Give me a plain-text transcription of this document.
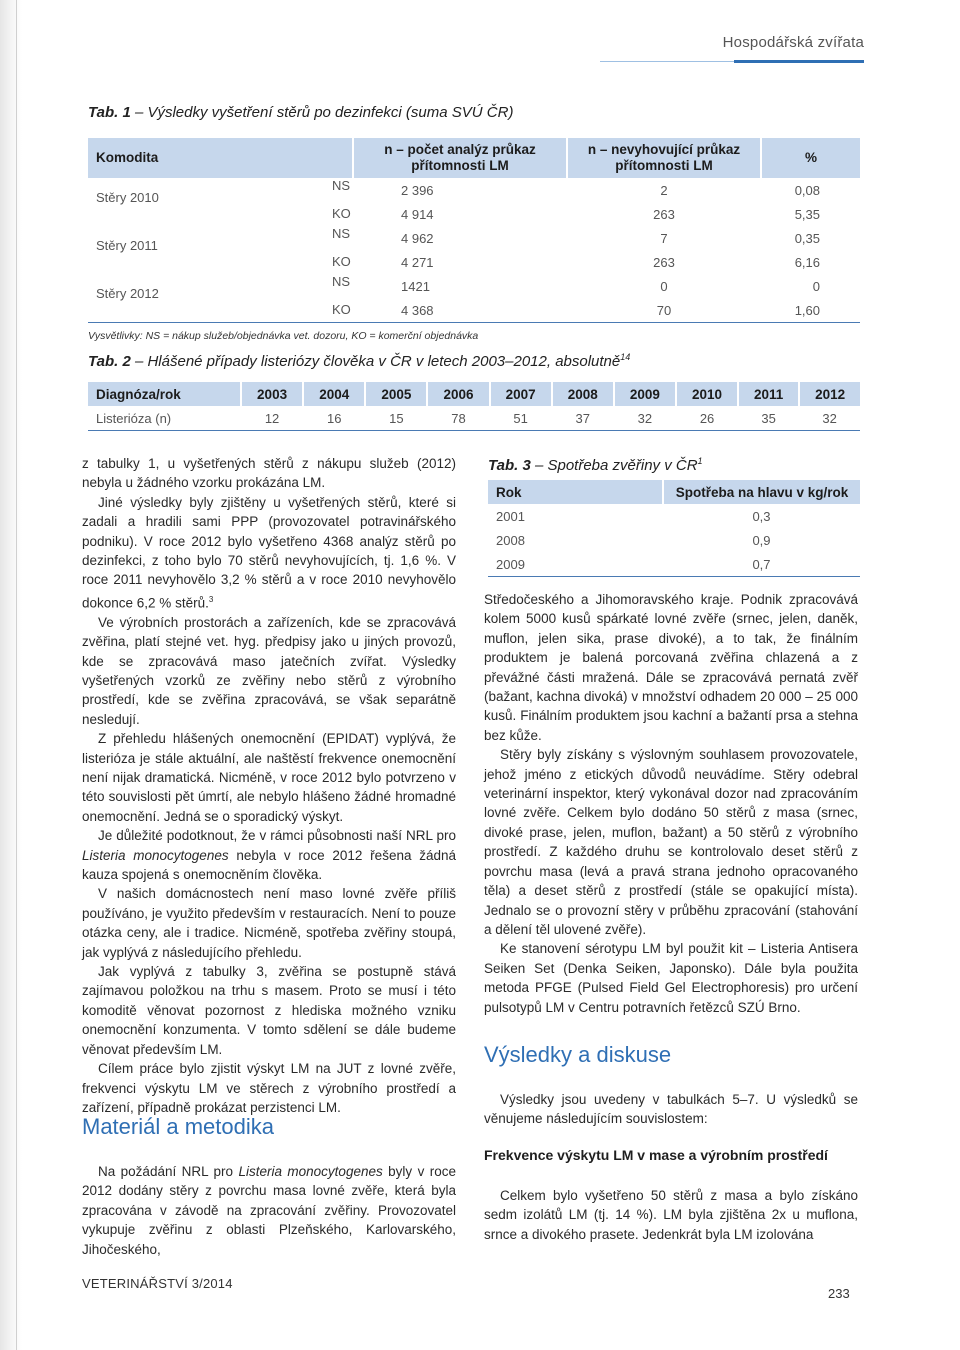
Hospodářská zvířata
Tab. 1 – Výsledky vyšetření stěrů po dezinfekci (suma SVÚ ČR)
Komodita	n – počet analýz průkaz přítomnosti LM	n – nevyhovující průkaz přítomnosti LM	%

Stěry 2010
NS	2 396	2	0,08

KO	4 914	263	5,35

Stěry 2011
NS	4 962	7	0,35

KO	4 271	263	6,16

Stěry 2012
NS	1421	0	0

KO	4 368	70	1,60
Vysvětlivky: NS = nákup služeb/objednávka vet. dozoru, KO = komerční objednávka
Tab. 2 – Hlášené případy listeriózy člověka v ČR v letech 2003–2012, absolutně$^{14}$
Diagnóza/rok	2003	2004	2005	2006	2007	2008	2009	2010	2011	2012
Listerióza (n)	12	16	15	78	51	37	32	26	35	32

z tabulky 1, u vyšetřených stěrů z nákupu služeb (2012) nebyla u žádného vzorku prokázána LM.

Jiné výsledky byly zjištěny u vyšetřených stěrů, které si zadali a hradili sami PPP (provozovatel potravinářského podniku). V roce 2012 bylo vyšetřeno 4368 analýz stěrů po dezinfekci, z toho bylo 70 stěrů nevyhovujících, tj. 1,6 %. V roce 2011 nevyhovělo 3,2 % stěrů a v roce 2010 nevyhovělo dokonce 6,2 % stěrů.$^3$

Ve výrobních prostorách a zařízeních, kde se zpracovává zvěřina, platí stejné vet. hyg. předpisy jako u jiných provozů, kde se zpracovává maso jatečních zvířat. Výsledky vyšetřených vzorků ze zvěřiny nebo stěrů z výrobního prostředí, kde se zvěřina zpracovává, se však separátně nesledují.

Z přehledu hlášených onemocnění (EPIDAT) vyplývá, že listerióza je stále aktuální, ale naštěstí frekvence onemocnění není nijak dramatická. Nicméně, v roce 2012 bylo potvrzeno v této souvislosti pět úmrtí, ale nebylo hlášeno žádné hromadné onemocnění. Jedná se o sporadický výskyt.

Je důležité podotknout, že v rámci působnosti naší NRL pro Listeria monocytogenes nebyla v roce 2012 řešena žádná kauza spojená s onemocněním člověka.

V našich domácnostech není maso lovné zvěře příliš používáno, je využito především v restauracích. Není to pouze otázka ceny, ale i tradice. Nicméně, spotřeba zvěřiny stoupá, jak vyplývá z následujícího přehledu.

Jak vyplývá z tabulky 3, zvěřina se postupně stává zajímavou položkou na trhu s masem. Proto se musí i této komoditě věnovat pozornost z hlediska možného vzniku onemocnění konzumenta. V tomto sdělení se dále budeme věnovat především LM.

Cílem práce bylo zjistit výskyt LM na JUT z lovné zvěře, frekvenci výskytu LM ve stěrech z výrobního prostředí a zařízení, případně prokázat perzistenci LM.

Materiál a metodika

Na požádání NRL pro Listeria monocytogenes byly v roce 2012 dodány stěry z povrchu masa lovné zvěře, která byla zpracována v závodě na zpracování zvěřiny. Provozovatel vykupuje zvěřinu z oblasti Plzeňského, Karlovarského, Jihočeského,

Tab. 3 – Spotřeba zvěřiny v $ČR^1$
Rok	Spotřeba na hlavu v kg/rok
2001	0,3
2008	0,9
2009	0,7

Středočeského a Jihomoravského kraje. Podnik zpracovává kolem 5000 kusů spárkaté lovné zvěře (srnec, jelen, daněk, muflon, jelen sika, prase divoké), a to tak, že finálním produktem je balená porcovaná zvěřina chlazená a z převážné části mražená. Dále se zpracovává pernatá zvěř (bažant, kachna divoká) v množství odhadem 20 000 – 25 000 kusů. Finálním produktem jsou kachní a bažantí prsa a stehna bez kůže.

Stěry byly získány s výslovným souhlasem provozovatele, jehož jméno z etických důvodů neuvádíme. Stěry odebral veterinární inspektor, který vykonával dozor nad zpracováním lovné zvěře. Celkem bylo dodáno 50 stěrů z masa (srnec, divoké prase, jelen, muflon, bažant) a 50 stěrů z výrobního prostředí. Z každého druhu se kontrolovalo deset stěrů z povrchu masa (levá a pravá strana jednoho opracovaného těla) a deset stěrů z prostředí (stále se opakující místa). Jednalo se o provozní stěry v průběhu zpracování (stahování a dělení těl ulovené zvěře).

Ke stanovení sérotypu LM byl použit kit – Listeria Antisera Seiken Set (Denka Seiken, Japonsko). Dále byla použita metoda PFGE (Pulsed Field Gel Electrophoresis) pro určení pulsotypů LM v Centru potravních řetězců SZÚ Brno.

Výsledky a diskuse

Výsledky jsou uvedeny v tabulkách 5–7. U výsledků se věnujeme následujícím souvislostem:

Frekvence výskytu LM v mase a výrobním prostředí

Celkem bylo vyšetřeno 50 stěrů z masa a bylo získáno sedm izolátů LM (tj. 14 %). LM byla zjištěna 2x u muflona, srnce a divokého prasete. Jedenkrát byla LM izolována

VETERINÁŘSTVÍ 3/2014
233
